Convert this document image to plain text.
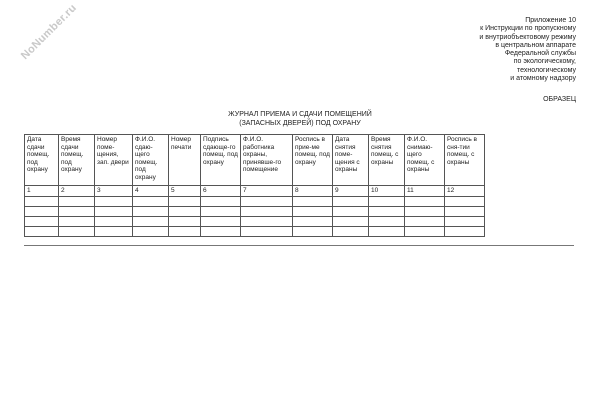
NoNumber.ru	Приложение 10
к Инструкции по пропускному
и внутриобъектовому режиму
в центральном аппарате
Федеральной службы
по экологическому,
технологическому
и атомному надзору
ОБРАЗЕЦ
ЖУРНАЛ ПРИЕМА И СДАЧИ ПОМЕЩЕНИЙ
(ЗАПАСНЫХ ДВЕРЕЙ) ПОД ОХРАНУ
Дата сдачи помещ. под охрану	Время сдачи помещ. под охрану	Номер поме-щения, зап. двери	Ф.И.О. сдаю-щего помещ. под охрану	Номер печати	Подпись сдающе-го помещ. под охрану	Ф.И.О. работника охраны, принявше-го помещение	Роспись в прие-ме помещ. под охрану	Дата снятия поме-щения с охраны	Время снятия помещ. с охраны	Ф.И.О. снимаю-щего помещ. с охраны	Роспись в сня-тии помещ. с охраны
1	2	3	4	5	6	7	8	9	10	11	12
